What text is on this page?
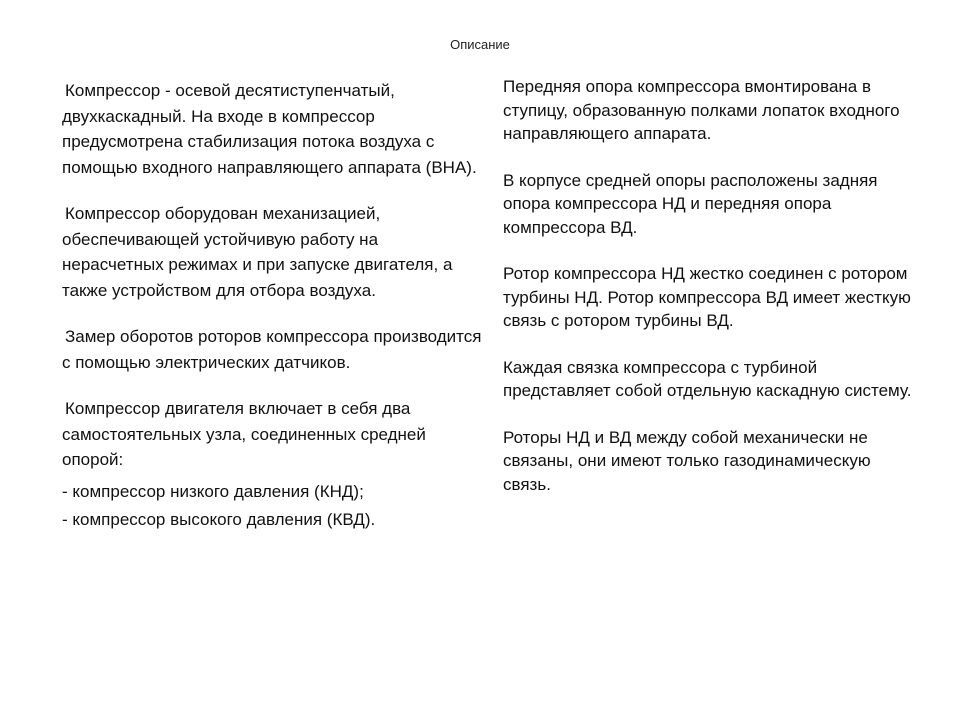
Описание

Компрессор - осевой десятиступенчатый, двухкаскадный. На входе в компрессор предусмотрена стабилизация потока воздуха с помощью входного направляющего аппарата (ВНА).

Компрессор оборудован механизацией, обеспечивающей устойчивую работу на нерасчетных режимах и при запуске двигателя, а также устройством для отбора воздуха.

Замер оборотов роторов компрессора производится с помощью электрических датчиков.

Компрессор двигателя включает в себя два самостоятельных узла, соединенных средней опорой:

- компрессор низкого давления (КНД);
- компрессор высокого давления (КВД).

Передняя опора компрессора вмонтирована в ступицу, образованную полками лопаток входного направляющего аппарата.

В корпусе средней опоры расположены задняя опора компрессора НД и передняя опора компрессора ВД.

Ротор компрессора НД жестко соединен с ротором турбины НД. Ротор компрессора ВД имеет жесткую связь с ротором турбины ВД.

Каждая связка компрессора с турбиной представляет собой отдельную каскадную систему.

Роторы НД и ВД между собой механически не связаны, они имеют только газодинамическую связь.
